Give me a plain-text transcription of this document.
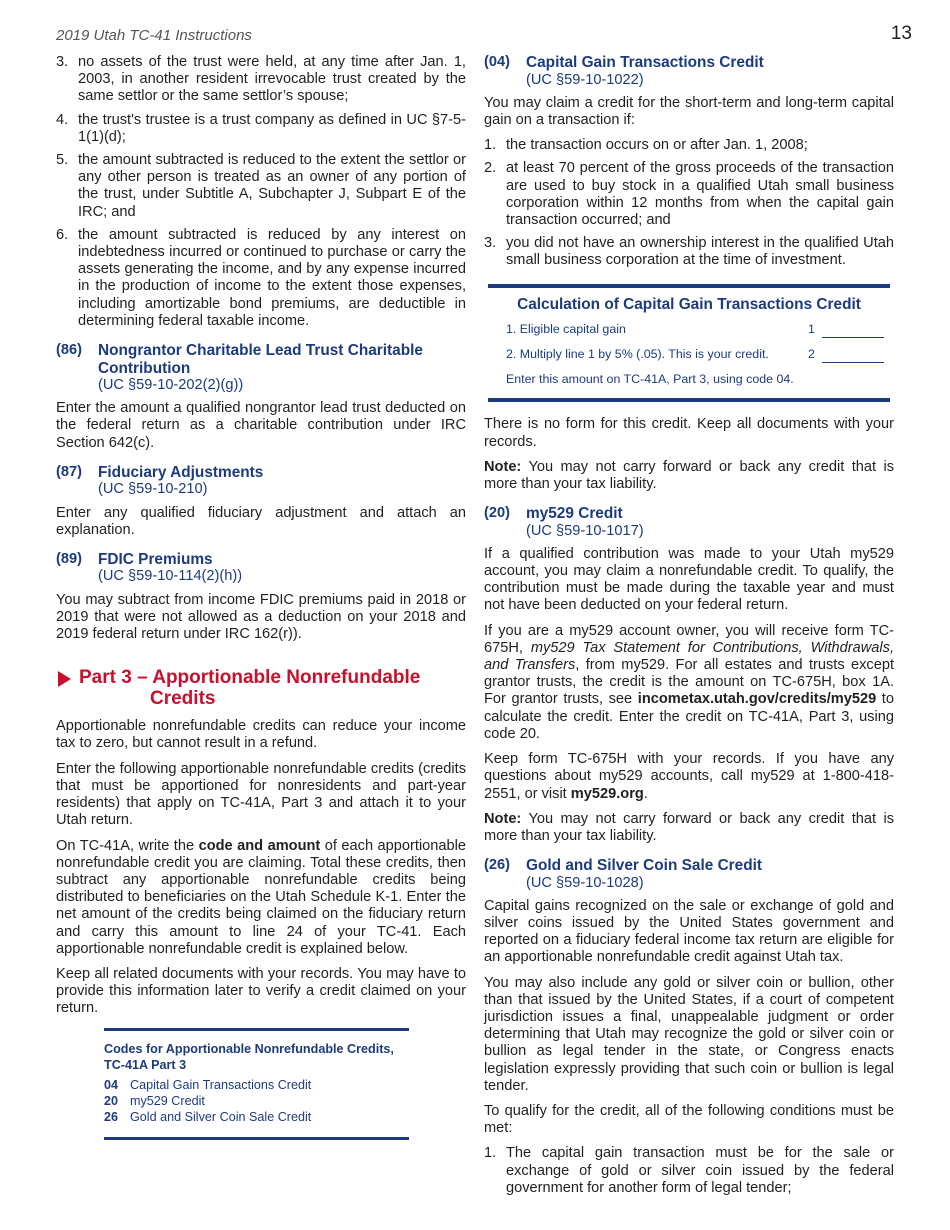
2019 Utah TC-41 Instructions	13
3. no assets of the trust were held, at any time after Jan. 1, 2003, in another resident irrevocable trust created by the same settlor or the same settlor’s spouse;
4. the trust's trustee is a trust company as defined in UC §7-5-1(1)(d);
5. the amount subtracted is reduced to the extent the settlor or any other person is treated as an owner of any portion of the trust, under Subtitle A, Subchapter J, Subpart E of the IRC; and
6. the amount subtracted is reduced by any interest on indebtedness incurred or continued to purchase or carry the assets generating the income, and by any expense incurred in the production of income to the extent those expenses, including amortizable bond premiums, are deductible in determining federal taxable income.
(86)	Nongrantor Charitable Lead Trust Charitable Contribution
(UC §59-10-202(2)(g))

Enter the amount a qualified nongrantor lead trust deducted on the federal return as a charitable contribution under IRC Section 642(c).

(87)	Fiduciary Adjustments
(UC §59-10-210)

Enter any qualified fiduciary adjustment and attach an explanation.

(89)	FDIC Premiums
(UC §59-10-114(2)(h))

You may subtract from income FDIC premiums paid in 2018 or 2019 that were not allowed as a deduction on your 2018 and 2019 federal return under IRC 162(r)).

Part 3 – Apportionable Nonrefundable
Credits

Apportionable nonrefundable credits can reduce your income tax to zero, but cannot result in a refund.

Enter the following apportionable nonrefundable credits (credits that must be apportioned for nonresidents and part-year residents) that apply on TC-41A, Part 3 and attach it to your Utah return.

On TC-41A, write the code and amount of each apportionable nonrefundable credit you are claiming. Total these credits, then subtract any apportionable nonrefundable credits being distributed to beneficiaries on the Utah Schedule K-1. Enter the net amount of the credits being claimed on the fiduciary return and carry this amount to line 24 of your TC-41. Each apportionable nonrefundable credit is explained below.

Keep all related documents with your records. You may have to provide this information later to verify a credit claimed on your return.

Codes for Apportionable Nonrefundable Credits, TC-41A Part 3
04 Capital Gain Transactions Credit
20 my529 Credit
26 Gold and Silver Coin Sale Credit
(04)	Capital Gain Transactions Credit
(UC §59-10-1022)

You may claim a credit for the short-term and long-term capital gain on a transaction if:

1. the transaction occurs on or after Jan. 1, 2008;
2. at least 70 percent of the gross proceeds of the transaction are used to buy stock in a qualified Utah small business corporation within 12 months from when the capital gain transaction occurred; and
3. you did not have an ownership interest in the qualified Utah small business corporation at the time of investment.
Calculation of Capital Gain Transactions Credit
1. Eligible capital gain	1
2. Multiply line 1 by 5% (.05). This is your credit.	2
Enter this amount on TC-41A, Part 3, using code 04.

There is no form for this credit. Keep all documents with your records.

Note: You may not carry forward or back any credit that is more than your tax liability.

(20)	my529 Credit
(UC §59-10-1017)

If a qualified contribution was made to your Utah my529 account, you may claim a nonrefundable credit. To qualify, the contribution must be made during the taxable year and must not have been deducted on your federal return.

If you are a my529 account owner, you will receive form TC-675H, my529 Tax Statement for Contributions, Withdrawals, and Transfers, from my529. For all estates and trusts except grantor trusts, the credit is the amount on TC-675H, box 1A. For grantor trusts, see incometax.utah.gov/credits/my529 to calculate the credit. Enter the credit on TC-41A, Part 3, using code 20.

Keep form TC-675H with your records. If you have any questions about my529 accounts, call my529 at 1-800-418-2551, or visit my529.org.

Note: You may not carry forward or back any credit that is more than your tax liability.

(26)	Gold and Silver Coin Sale Credit
(UC §59-10-1028)

Capital gains recognized on the sale or exchange of gold and silver coins issued by the United States government and reported on a fiduciary federal income tax return are eligible for an apportionable nonrefundable credit against Utah tax.

You may also include any gold or silver coin or bullion, other than that issued by the United States, if a court of competent jurisdiction issues a final, unappealable judgment or order determining that Utah may recognize the gold or silver coin or bullion as legal tender in the state, or Congress enacts legislation expressly providing that such coin or bullion is legal tender.

To qualify for the credit, all of the following conditions must be met:

1. The capital gain transaction must be for the sale or exchange of gold or silver coin issued by the federal government for another form of legal tender;
